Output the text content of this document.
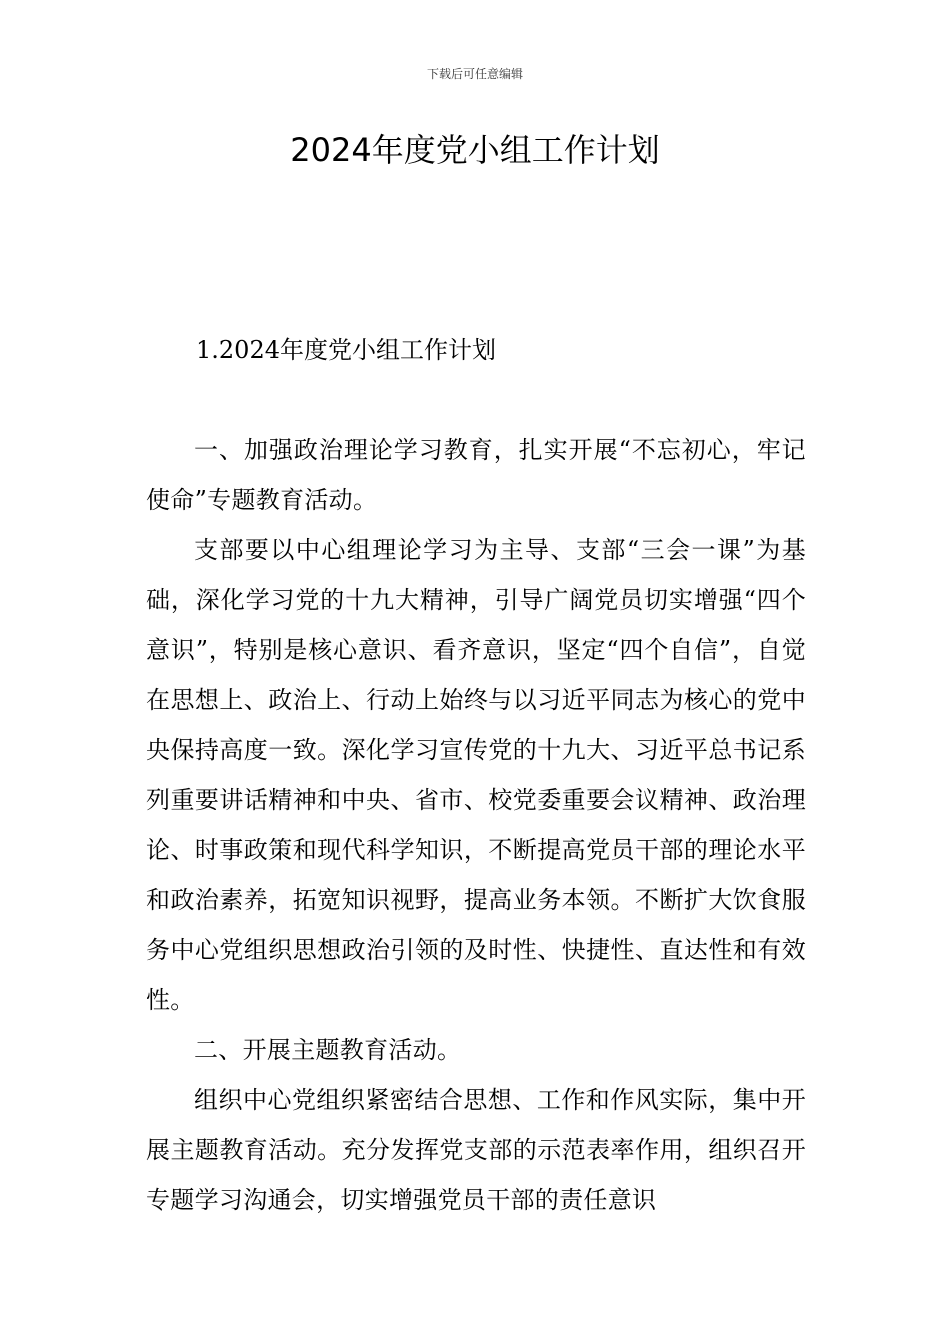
下载后可任意编辑
2024年度党小组工作计划

1.2024年度党小组工作计划

一、加强政治理论学习教育，扎实开展“不忘初心，牢记使命”专题教育活动。

支部要以中心组理论学习为主导、支部“三会一课”为基础，深化学习党的十九大精神，引导广阔党员切实增强“四个意识”，特别是核心意识、看齐意识，坚定“四个自信”，自觉在思想上、政治上、行动上始终与以习近平同志为核心的党中央保持高度一致。深化学习宣传党的十九大、习近平总书记系列重要讲话精神和中央、省市、校党委重要会议精神、政治理论、时事政策和现代科学知识，不断提高党员干部的理论水平和政治素养，拓宽知识视野，提高业务本领。不断扩大饮食服务中心党组织思想政治引领的及时性、快捷性、直达性和有效性。

二、开展主题教育活动。

组织中心党组织紧密结合思想、工作和作风实际，集中开展主题教育活动。充分发挥党支部的示范表率作用，组织召开专题学习沟通会，切实增强党员干部的责任意识
